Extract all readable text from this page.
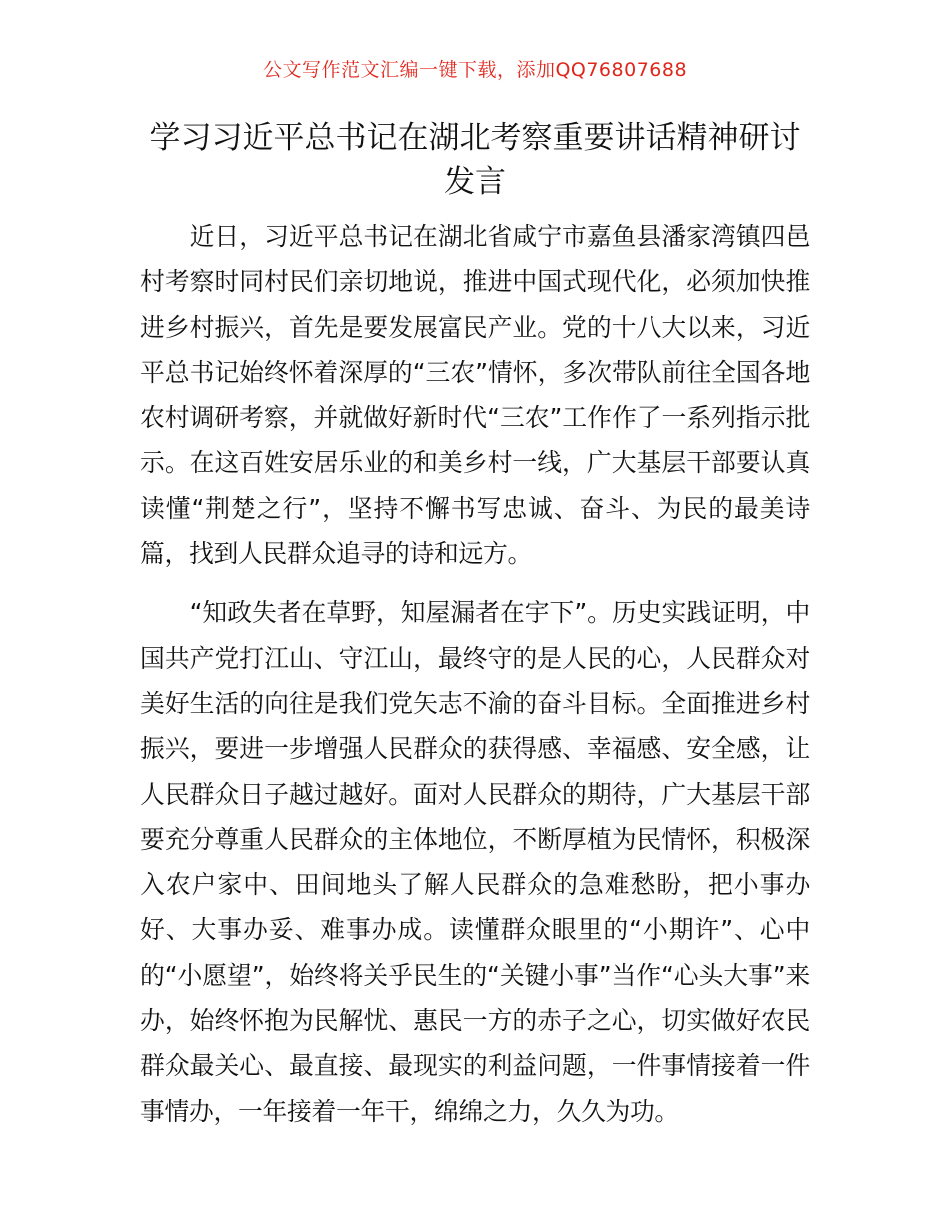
公文写作范文汇编一键下载，添加QQ76807688
学习习近平总书记在湖北考察重要讲话精神研讨发言

近日，习近平总书记在湖北省咸宁市嘉鱼县潘家湾镇四邑村考察时同村民们亲切地说，推进中国式现代化，必须加快推进乡村振兴，首先是要发展富民产业。党的十八大以来，习近平总书记始终怀着深厚的“三农”情怀，多次带队前往全国各地农村调研考察，并就做好新时代“三农”工作作了一系列指示批示。在这百姓安居乐业的和美乡村一线，广大基层干部要认真读懂“荆楚之行”，坚持不懈书写忠诚、奋斗、为民的最美诗篇，找到人民群众追寻的诗和远方。

“知政失者在草野，知屋漏者在宇下”。历史实践证明，中国共产党打江山、守江山，最终守的是人民的心，人民群众对美好生活的向往是我们党矢志不渝的奋斗目标。全面推进乡村振兴，要进一步增强人民群众的获得感、幸福感、安全感，让人民群众日子越过越好。面对人民群众的期待，广大基层干部要充分尊重人民群众的主体地位，不断厚植为民情怀，积极深入农户家中、田间地头了解人民群众的急难愁盼，把小事办好、大事办妥、难事办成。读懂群众眼里的“小期许”、心中的“小愿望”，始终将关乎民生的“关键小事”当作“心头大事”来办，始终怀抱为民解忧、惠民一方的赤子之心，切实做好农民群众最关心、最直接、最现实的利益问题，一件事情接着一件事情办，一年接着一年干，绵绵之力，久久为功。
